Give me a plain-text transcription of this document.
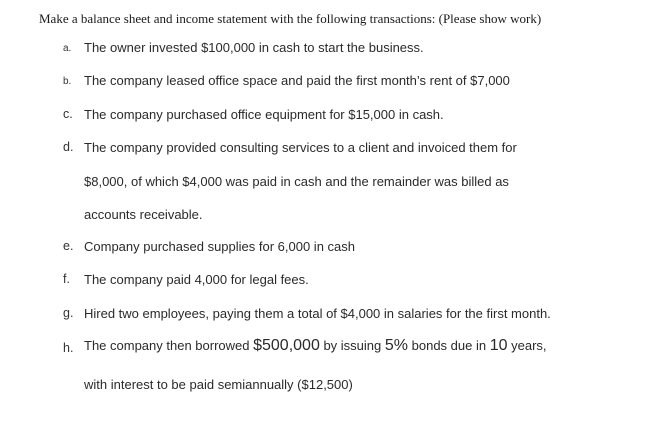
Make a balance sheet and income statement with the following transactions: (Please show work)
a. The owner invested $100,000 in cash to start the business.
b. The company leased office space and paid the first month’s rent of $7,000
c. The company purchased office equipment for $15,000 in cash.
d. The company provided consulting services to a client and invoiced them for
$8,000, of which $4,000 was paid in cash and the remainder was billed as
accounts receivable.
e. Company purchased supplies for 6,000 in cash
f. The company paid 4,000 for legal fees.
g. Hired two employees, paying them a total of $4,000 in salaries for the first month.
h. The company then borrowed $500,000 by issuing 5% bonds due in 10 years,
with interest to be paid semiannually ($12,500)
